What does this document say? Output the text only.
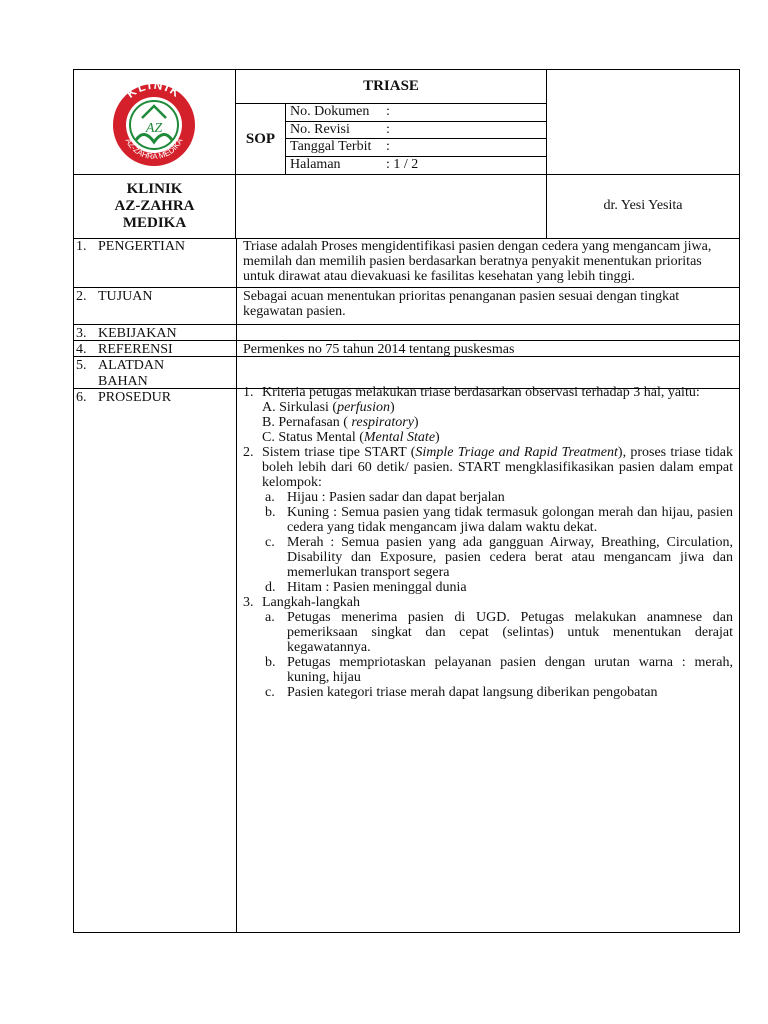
AZ
KLINIK
AZ-ZAHRA MEDIKA
TRIASE
SOP
No. Dokumen	:
No. Revisi	:
Tanggal Terbit	:
Halaman	: 1 / 2
KLINIK
AZ-ZAHRA
MEDIKA
dr. Yesi Yesita
1. PENGERTIAN	Triase adalah Proses mengidentifikasi pasien dengan cedera yang mengancam jiwa, memilah dan memilih pasien berdasarkan beratnya penyakit menentukan prioritas untuk dirawat atau dievakuasi ke fasilitas kesehatan yang lebih tinggi.
2. TUJUAN	Sebagai acuan menentukan prioritas penanganan pasien sesuai dengan tingkat kegawatan pasien.
3. KEBIJAKAN
4. REFERENSI	Permenkes no 75 tahun 2014 tentang puskesmas
5. ALATDAN
BAHAN
6. PROSEDUR	1. Kriteria petugas melakukan triase berdasarkan observasi terhadap 3 hal, yaitu:
A. Sirkulasi (perfusion)
B. Pernafasan ( respiratory)
C. Status Mental (Mental State)
2. Sistem triase tipe START (Simple Triage and Rapid Treatment), proses triase tidak boleh lebih dari 60 detik/ pasien. START mengklasifikasikan pasien dalam empat kelompok:
a. Hijau : Pasien sadar dan dapat berjalan
b. Kuning : Semua pasien yang tidak termasuk golongan merah dan hijau, pasien cedera yang tidak mengancam jiwa dalam waktu dekat.
c. Merah : Semua pasien yang ada gangguan Airway, Breathing, Circulation, Disability dan Exposure, pasien cedera berat atau mengancam jiwa dan memerlukan transport segera
d. Hitam : Pasien meninggal dunia
3. Langkah-langkah
a. Petugas menerima pasien di UGD. Petugas melakukan anamnese dan pemeriksaan singkat dan cepat (selintas) untuk menentukan derajat kegawatannya.
b. Petugas mempriotaskan pelayanan pasien dengan urutan warna : merah, kuning, hijau
c. Pasien kategori triase merah dapat langsung diberikan pengobatan
